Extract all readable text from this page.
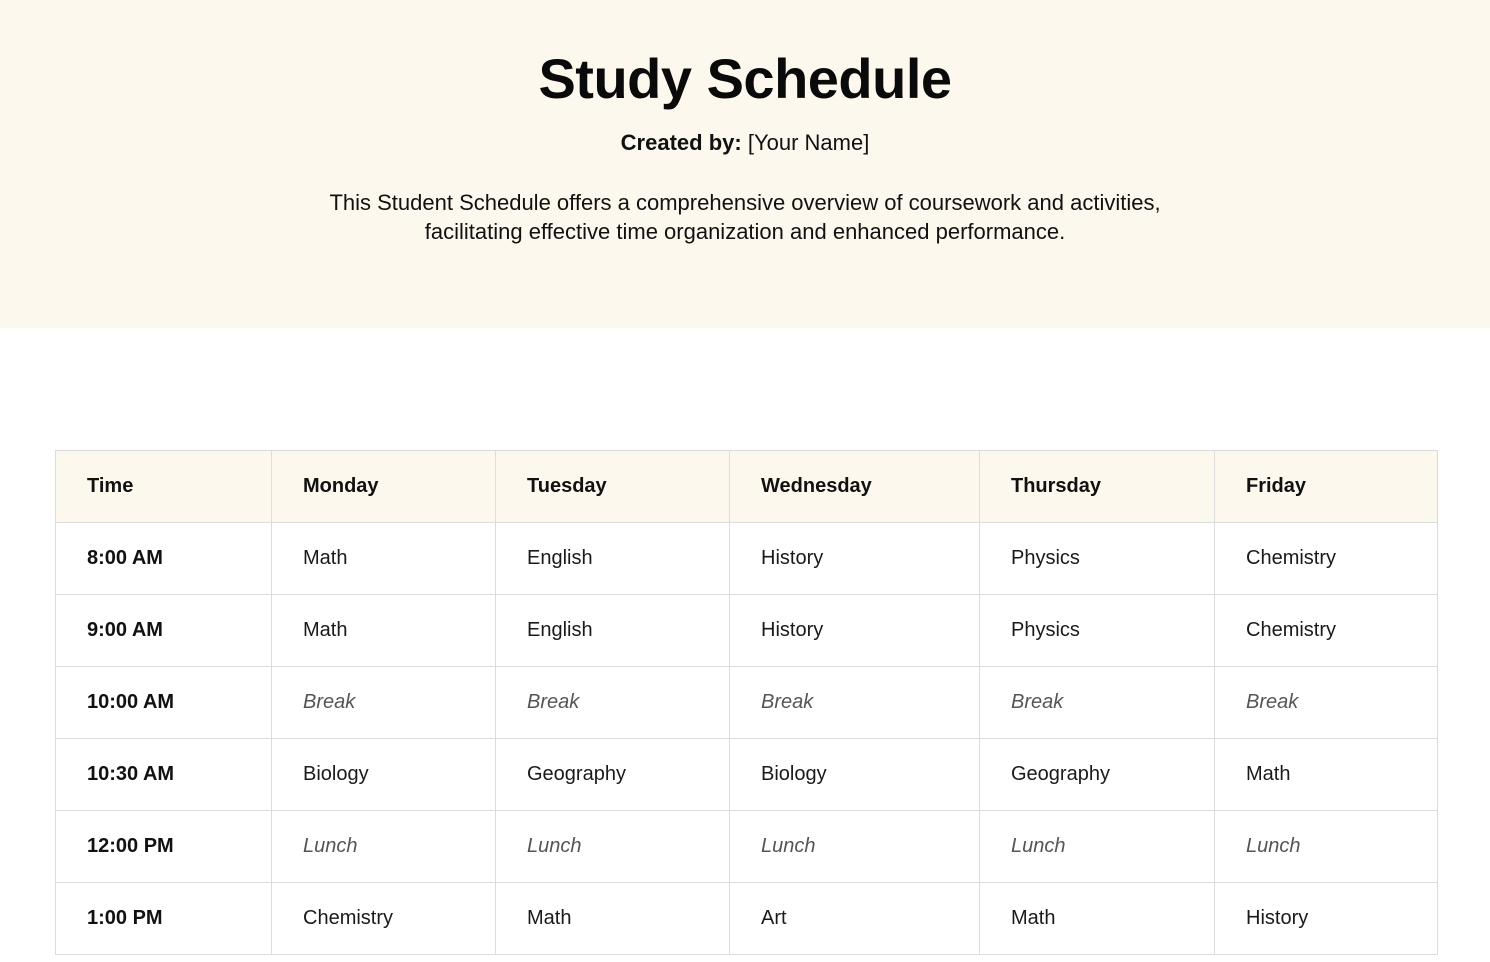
Study Schedule
Created by: [Your Name]
This Student Schedule offers a comprehensive overview of coursework and activities,
facilitating effective time organization and enhanced performance.
Time	Monday	Tuesday	Wednesday	Thursday	Friday
8:00 AM	Math	English	History	Physics	Chemistry
9:00 AM	Math	English	History	Physics	Chemistry
10:00 AM	Break	Break	Break	Break	Break
10:30 AM	Biology	Geography	Biology	Geography	Math
12:00 PM	Lunch	Lunch	Lunch	Lunch	Lunch
1:00 PM	Chemistry	Math	Art	Math	History
